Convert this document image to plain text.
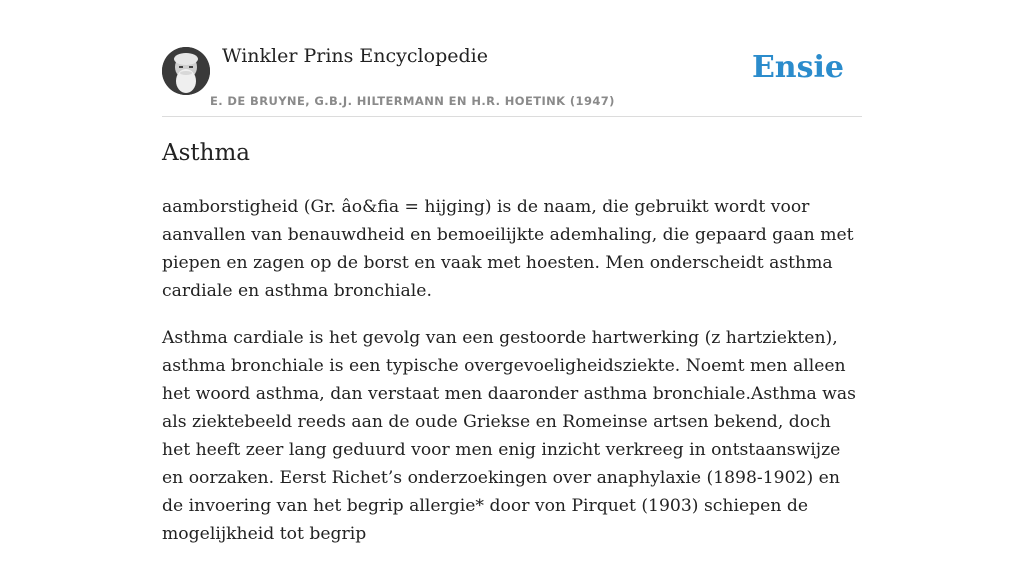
Winkler Prins Encyclopedie
E. DE BRUYNE, G.B.J. HILTERMANN EN H.R. HOETINK (1947)
Ensie
Asthma

aamborstigheid (Gr. âo&fia = hijging) is de naam, die gebruikt wordt voor aanvallen van benauwdheid en bemoeilijkte ademhaling, die gepaard gaan met piepen en zagen op de borst en vaak met hoesten. Men onderscheidt asthma cardiale en asthma bronchiale.

Asthma cardiale is het gevolg van een gestoorde hartwerking (z hartziekten), asthma bronchiale is een typische overgevoeligheidsziekte. Noemt men alleen het woord asthma, dan verstaat men daaronder asthma bronchiale.Asthma was als ziektebeeld reeds aan de oude Griekse en Romeinse artsen bekend, doch het heeft zeer lang geduurd voor men enig inzicht verkreeg in ontstaanswijze en oorzaken. Eerst Richet’s onderzoekingen over anaphylaxie (1898-1902) en de invoering van het begrip allergie* door von Pirquet (1903) schiepen de mogelijkheid tot begrip
